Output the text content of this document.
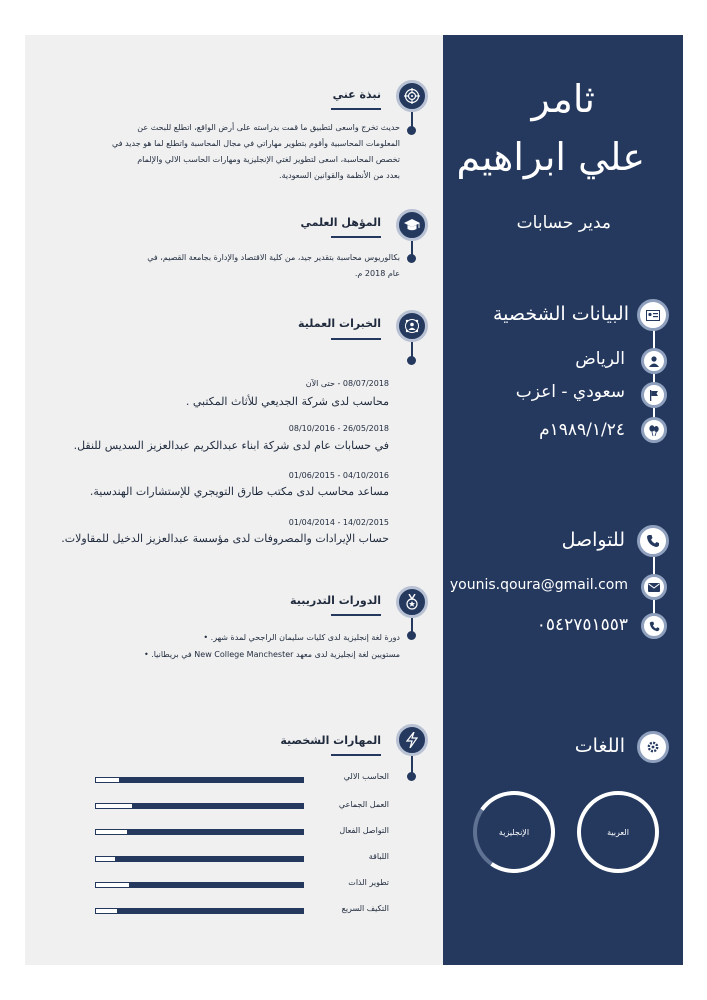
ثامر
علي ابراهيم
مدير حسابات
البيانات الشخصية
الرياض
سعودي - اعزب
١٩٨٩/١/٢٤م
للتواصل
younis.qoura@gmail.com
٠٥٤٢٧٥١٥٥٣
اللغات
العربية
الإنجليزية
نبذة عني
حديث تخرج واسعى لتطبيق ما قمت بدراسته على أرض الواقع، اتطلع للبحث عن
المعلومات المحاسبية وأقوم بتطوير مهاراتي في مجال المحاسبة واتطلع لما هو جديد في
تخصص المحاسبة، اسعى لتطوير لغتي الإنجليزية ومهارات الحاسب الالي والإلمام
بعدد من الأنظمة والقوانين السعودية.
المؤهل العلمي
بكالوريوس محاسبة بتقدير جيد، من كلية الاقتصاد والإدارة بجامعة القصيم، في
عام 2018 م.
الخبرات العملية
08/07/2018 - حتى الآن
محاسب لدى شركة الجديعي للأثاث المكتبي .
26/05/2018 - 08/10/2016
في حسابات عام لدى شركة ابناء عبدالكريم عبدالعزيز السديس للنقل.
04/10/2016 - 01/06/2015
مساعد محاسب لدى مكتب طارق التويجري للإستشارات الهندسية.
14/02/2015 - 01/04/2014
حساب الإيرادات والمصروفات لدى مؤسسة عبدالعزيز الدخيل للمقاولات.
الدورات التدريبية
دورة لغة إنجليزية لدى كليات سليمان الراجحي لمدة شهر. •
مستويين لغة إنجليزية لدى معهد New College Manchester في بريطانيا. •
المهارات الشخصية
الحاسب الالي
العمل الجماعي
التواصل الفعال
اللباقة
تطوير الذات
التكيف السريع
